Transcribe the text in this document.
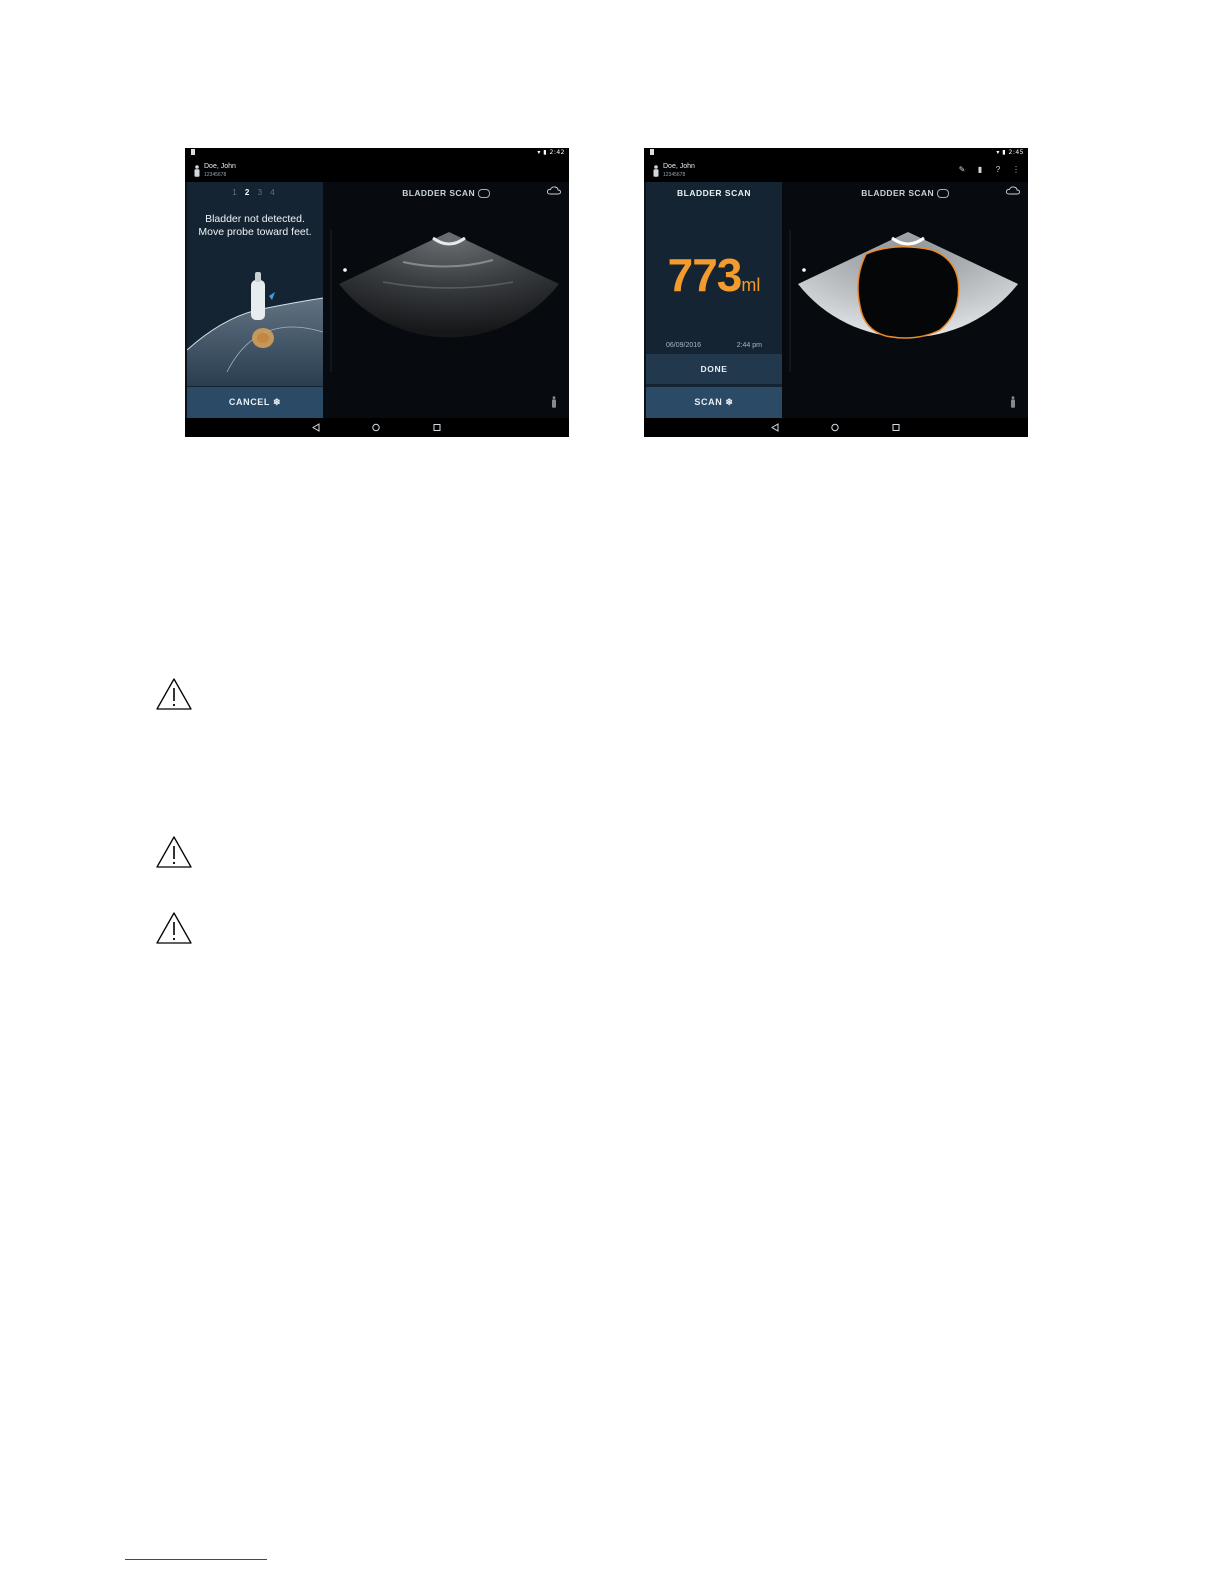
▾ ▮ 2:42
Doe, John
12345678
1 2 3 4
Bladder not detected.
Move probe toward feet.
CANCEL ❄
BLADDER SCAN
▾ ▮ 2:45
Doe, John
12345678
✎ ▮ ? ⋮
BLADDER SCAN
773ml
06/09/2016	2:44 pm
DONE
SCAN ❄
BLADDER SCAN
